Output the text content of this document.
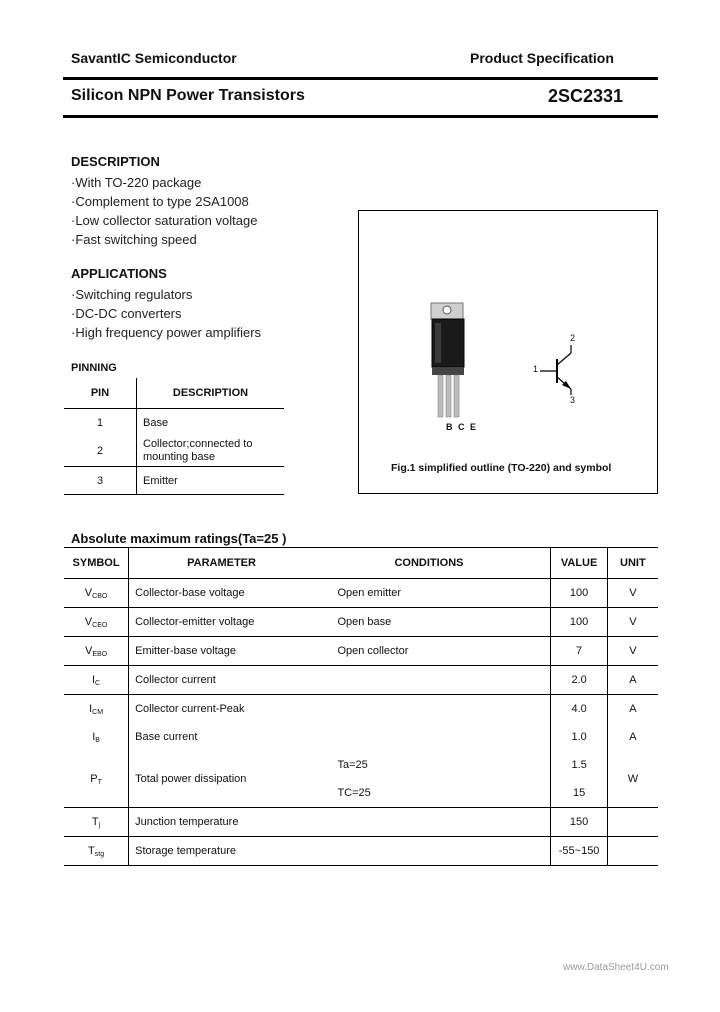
SavantIC Semiconductor	Product Specification
Silicon NPN Power Transistors	2SC2331
DESCRIPTION
·With TO-220 package
·Complement to type 2SA1008
·Low collector saturation voltage
·Fast switching speed
APPLICATIONS
·Switching regulators
·DC-DC converters
·High frequency power amplifiers
PINNING
PIN	DESCRIPTION
1	Base
2	Collector;connected to mounting base
3	Emitter
B C E
1
2
3
Fig.1 simplified outline (TO-220) and symbol
Absolute maximum ratings(Ta=25 )
SYMBOL	PARAMETER	CONDITIONS	VALUE	UNIT
$V_{CBO}$	Collector-base voltage	Open emitter	100	V
$V_{CEO}$	Collector-emitter voltage	Open base	100	V
$V_{EBO}$	Emitter-base voltage	Open collector	7	V
$I_C$	Collector current		2.0	A
$I_{CM}$	Collector current-Peak		4.0	A
$I_B$	Base current		1.0	A
$P_T$	Total power dissipation	Ta=25	1.5	W
		TC=25	15	
$T_j$	Junction temperature		150	
$T_{stg}$	Storage temperature		-55~150	
www.DataSheet4U.com
